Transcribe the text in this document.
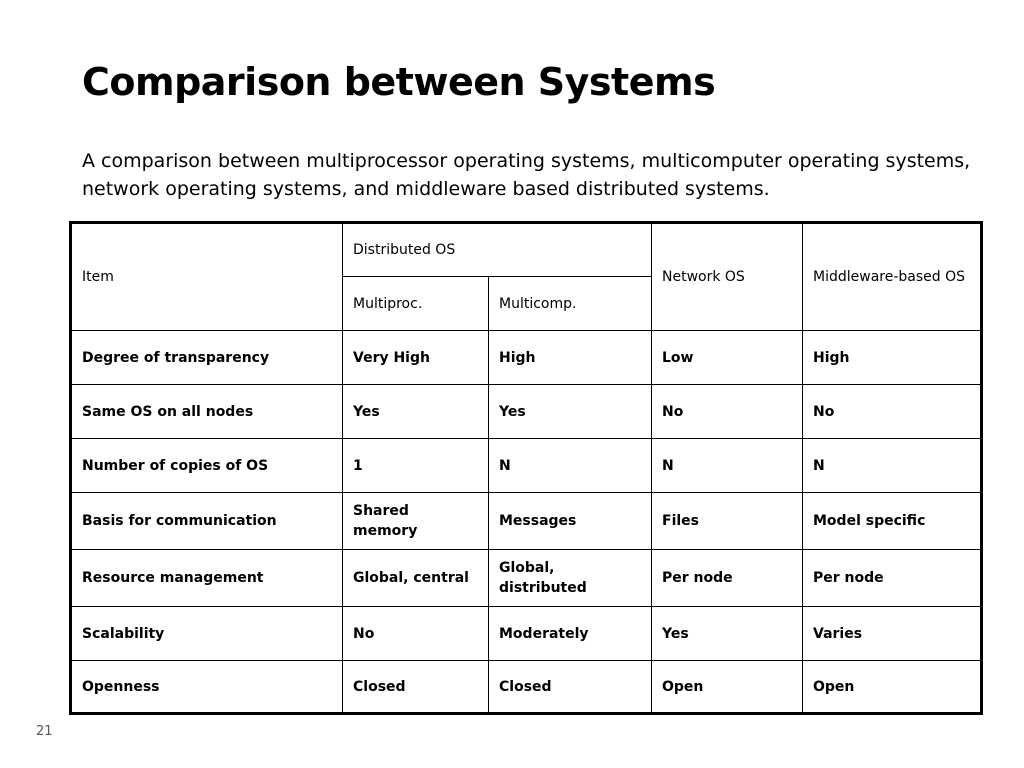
Comparison between Systems
A comparison between multiprocessor operating systems, multicomputer operating systems, network operating systems, and middleware based distributed systems.
Item	Distributed OS		Network OS	Middleware-based OS
	Multiproc.	Multicomp.		
Degree of transparency	Very High	High	Low	High
Same OS on all nodes	Yes	Yes	No	No
Number of copies of OS	1	N	N	N
Basis for communication	Shared memory	Messages	Files	Model specific
Resource management	Global, central	Global, distributed	Per node	Per node
Scalability	No	Moderately	Yes	Varies
Openness	Closed	Closed	Open	Open
21
